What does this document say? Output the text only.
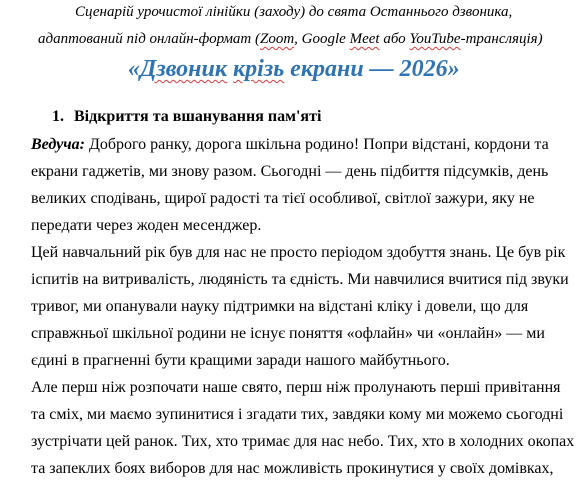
Сценарій урочистої лінійки (заходу) до свята Останнього дзвоника,
адаптований під онлайн-формат (Zoom, Google Meet або YouTube-трансляція)
«Дзвоник крізь екрани — 2026»
1. Відкриття та вшанування пам'яті
Ведуча: Доброго ранку, дорога шкільна родино! Попри відстані, кордони та
екрани гаджетів, ми знову разом. Сьогодні — день підбиття підсумків, день
великих сподівань, щирої радості та тієї особливої, світлої зажури, яку не
передати через жоден месенджер.
Цей навчальний рік був для нас не просто періодом здобуття знань. Це був рік
іспитів на витривалість, людяність та єдність. Ми навчилися вчитися під звуки
тривог, ми опанували науку підтримки на відстані кліку і довели, що для
справжньої шкільної родини не існує поняття «офлайн» чи «онлайн» — ми
єдині в прагненні бути кращими заради нашого майбутнього.
Але перш ніж розпочати наше свято, перш ніж пролунають перші привітання
та сміх, ми маємо зупинитися і згадати тих, завдяки кому ми можемо сьогодні
зустрічати цей ранок. Тих, хто тримає для нас небо. Тих, хто в холодних окопах
та запеклих боях виборов для нас можливість прокинутися у своїх домівках,
